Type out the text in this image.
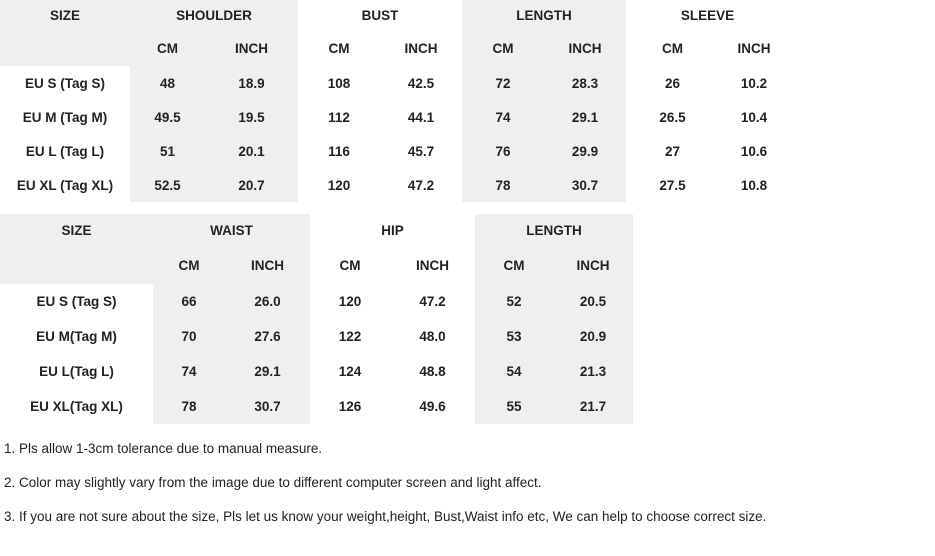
SIZE	SHOULDER		BUST		LENGTH		SLEEVE		
	CM	INCH	CM	INCH	CM	INCH	CM	INCH	
EU S (Tag S)	48	18.9	108	42.5	72	28.3	26	10.2	
EU M (Tag M)	49.5	19.5	112	44.1	74	29.1	26.5	10.4	
EU L (Tag L)	51	20.1	116	45.7	76	29.9	27	10.6	
EU XL (Tag XL)	52.5	20.7	120	47.2	78	30.7	27.5	10.8	
SIZE	WAIST		HIP		LENGTH		
	CM	INCH	CM	INCH	CM	INCH	
EU S (Tag S)	66	26.0	120	47.2	52	20.5	
EU M(Tag M)	70	27.6	122	48.0	53	20.9	
EU L(Tag L)	74	29.1	124	48.8	54	21.3	
EU XL(Tag XL)	78	30.7	126	49.6	55	21.7	
1. Pls allow 1-3cm tolerance due to manual measure.
2. Color may slightly vary from the image due to different computer screen and light affect.
3. If you are not sure about the size, Pls let us know your weight,height, Bust,Waist info etc, We can help to choose correct size.
